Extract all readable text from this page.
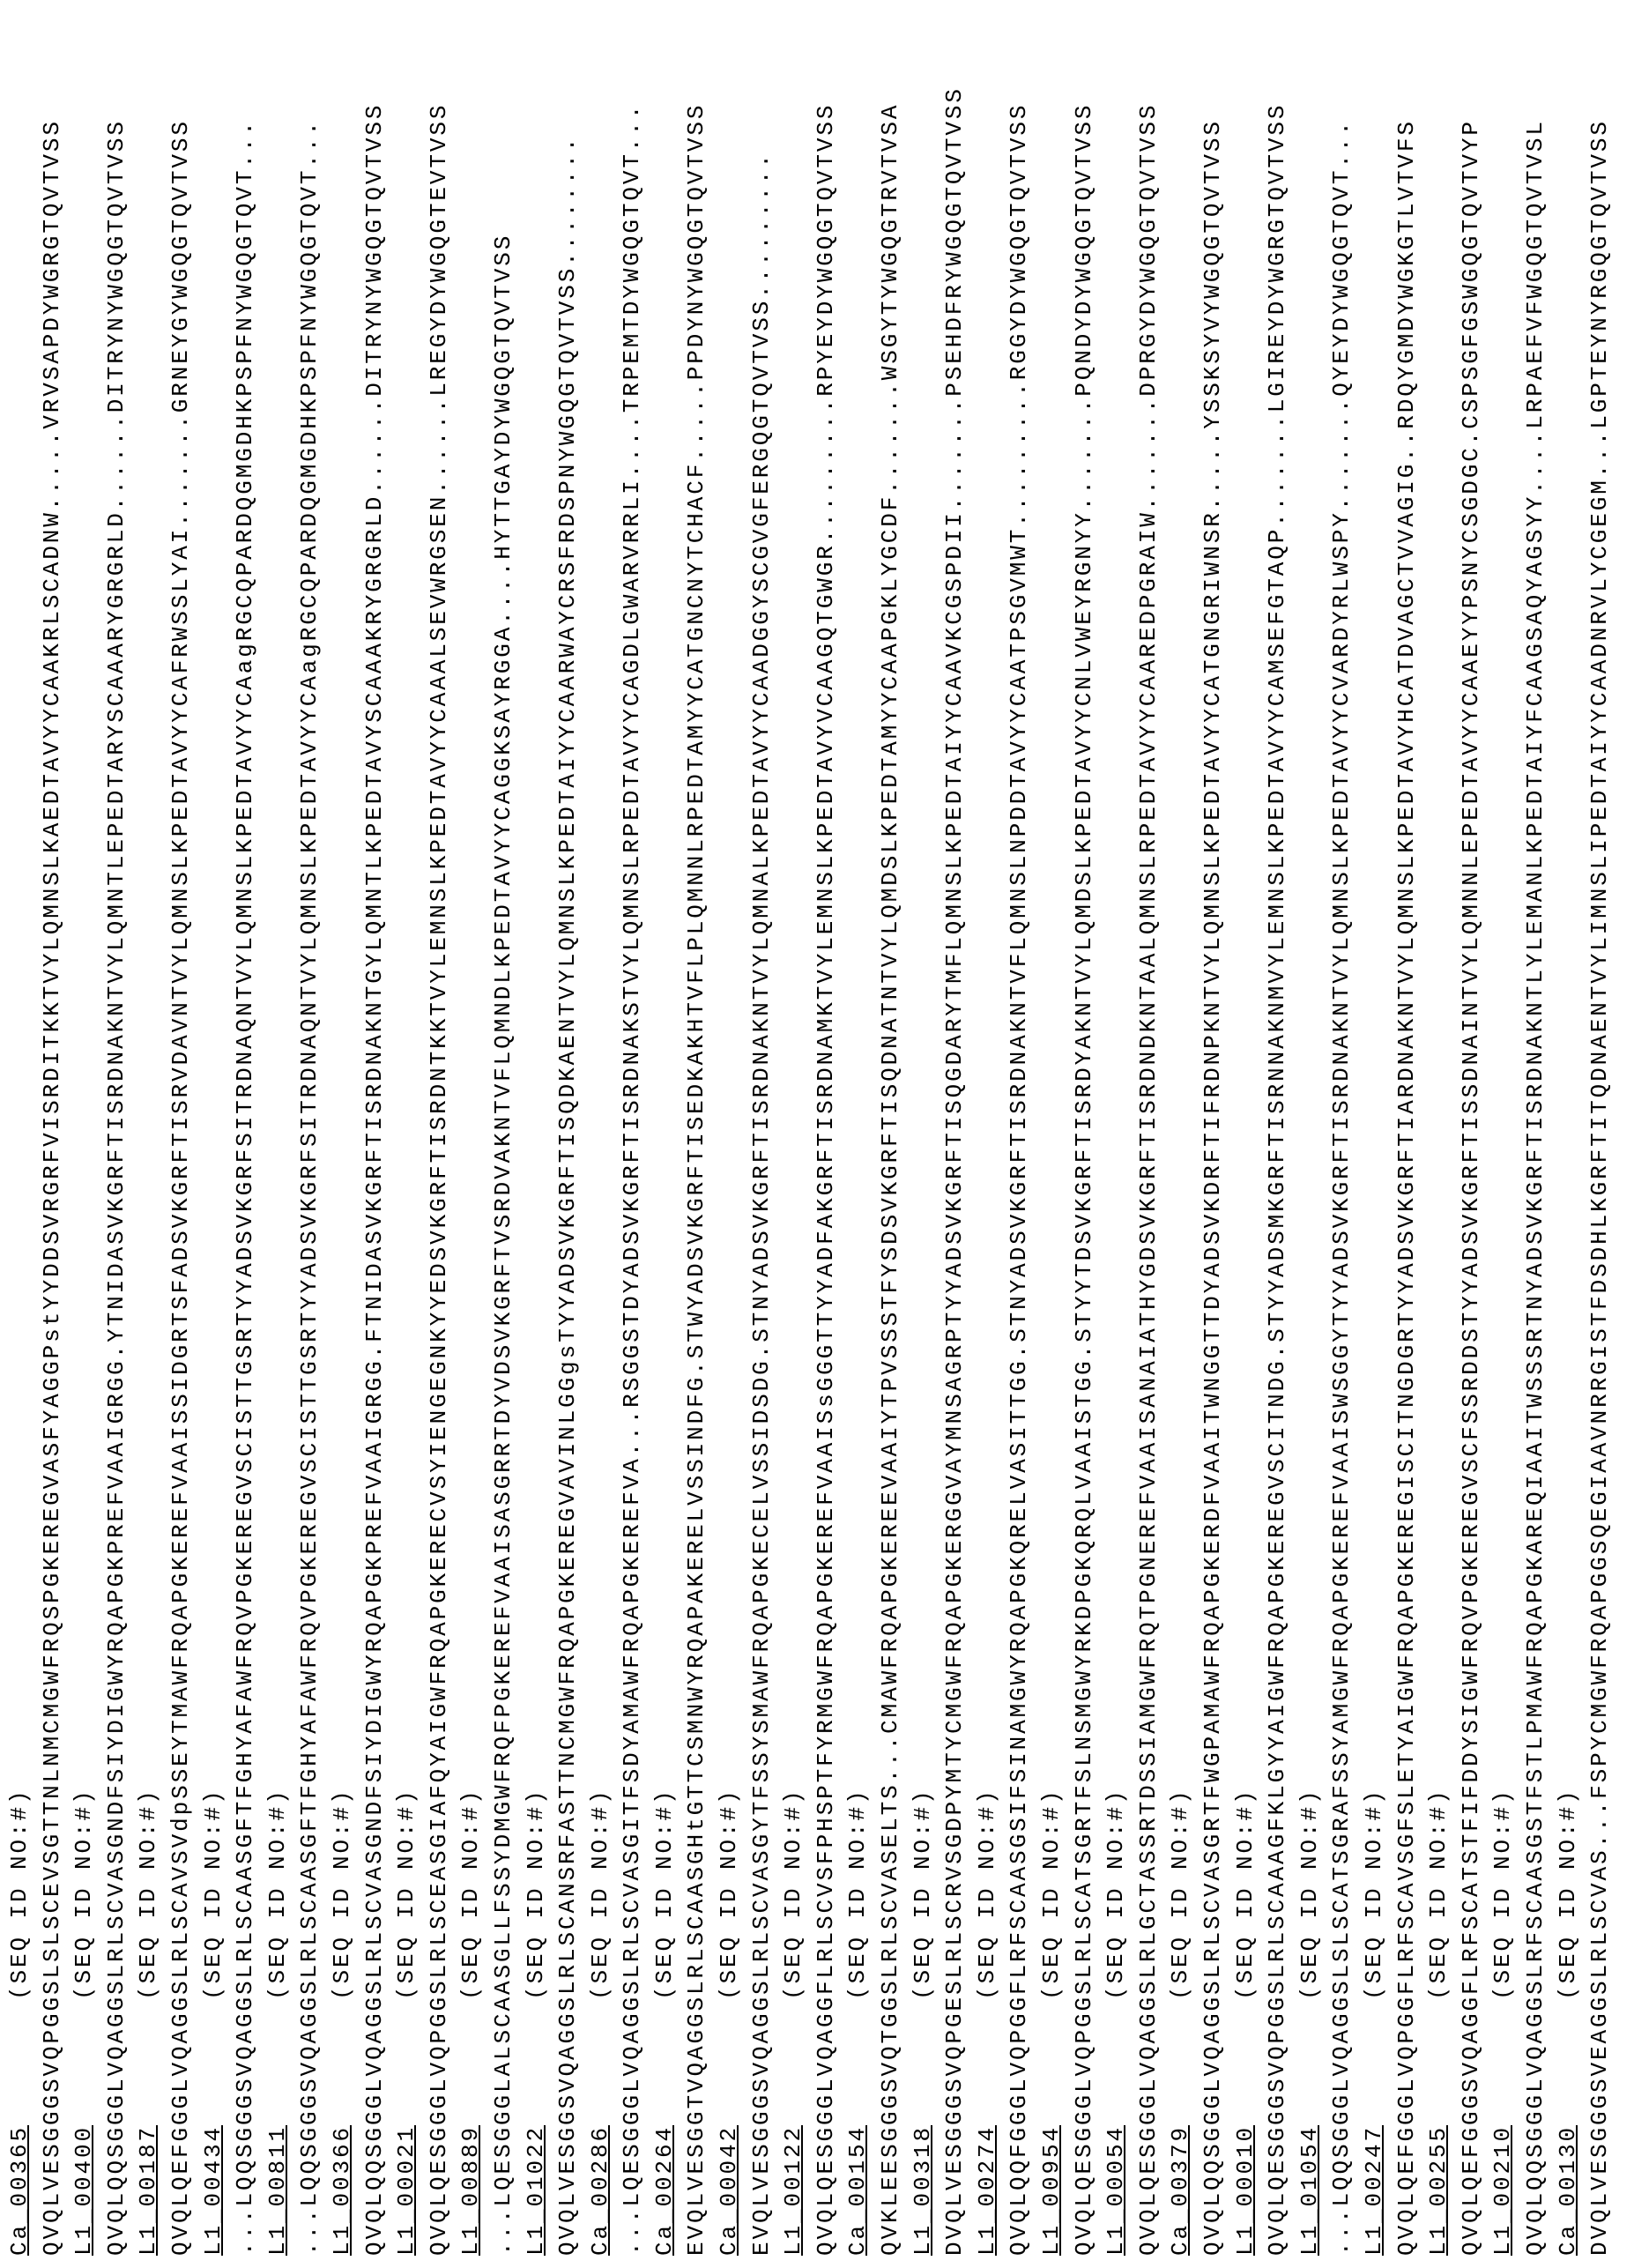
Ca_00365(SEQ ID NO:#) QVQLVESGGGSVQPGGSLSLSCEVSGTTNLNMCMGWFRQSPGKEREGVASFYAGGPstYYDDSVRGRFVISRDITKKTVYLQMNSLKAEDTAVYYCAAKRLSCADNW.....VRVSAPDYWGRGTQVTVSS L1_00400(SEQ ID NO:#) QVQLQQSGGGLVQAGGSLRLSCVASGNDFSIYDIGWYRQAPGKPREFVAAIGRGG.YTNIDASVKGRFTISRDNAKNTVYLQMNTLEPEDTARYSCAAARYGRGRLD......DITRYNYWGQGTQVTVSS L1_00187(SEQ ID NO:#) QVQLQEFGGGLVQAGGSLRLSCAVSVdpSSEYTMAWFRQAPGKEREFVAAISSIDGRTSFADSVKGRFTISRVDAVNTVYLQMNSLKPEDTAVYYCAFRWSSLYAI.......GRNEYGYWGQGTQVTVSS L1_00434(SEQ ID NO:#) ...LQQSGGGSVQAGGSLRLSCAASGFTFGHYAFAWFRQVPGKEREGVSCISTTGSRTYYADSVKGRFSITRDNAQNTVYLQMNSLKPEDTAVYYCAagRGCQPARDQGMGDHKPSPFNYWGQGTQVT... L1_00811(SEQ ID NO:#) ...LQQSGGGSVQAGGSLRLSCAASGFTFGHYAFAWFRQVPGKEREGVSCISTTGSRTYYADSVKGRFSITRDNAQNTVYLQMNSLKPEDTAVYYCAagRGCQPARDQGMGDHKPSPFNYWGQGTQVT... L1_00366(SEQ ID NO:#) QVQLQQSGGGLVQAGGSLRLSCVASGNDFSIYDIGWYRQAPGKPREFVAAIGRGG.FTNIDASVKGRFTISRDNAKNTGYLQMNTLKPEDTAVYSCAAAKRYGRGRLD......DITRYNYWGQGTQVTVSS L1_00021(SEQ ID NO:#) QVQLQESGGGLVQPGGSLRLSCEASGIAFQYAIGWFRQAPGKERECVSYIENGEGNKYYEDSVKGRFTISRDNTKKTVYLEMNSLKPEDTAVYYCAAALSEVWRGSEN......LREGYDYWGQGTEVTVSS L1_00889(SEQ ID NO:#) ...LQESGGGLALSCAASGLLFSSYDMGWFRQFPGKEREFVAAISASGRRTDYVDSVKGRFTVSRDVAKNTVFLQMNDLKPEDTAVYYCAGGKSAYRGGA....HYTTGAYDYWGQGTQVTVSS L1_01022(SEQ ID NO:#) QVQLVESGGSVQAGGSLRLSCANSRFASTTNCMGWFRQAPGKEREGVAVINLGGgsTYYADSVKGRFTISQDKAENTVYLQMNSLKPEDTAIYYCAARWAYCRSFRDSPNYWGQGTQVTVSS........ Ca_00286(SEQ ID NO:#) ...LQESGGGLVQAGGSLRLSCVASGITFSDYAMAWFRQAPGKEREFVA...RSGGSTDYADSVKGRFTISRDNAKSTVYLQMNSLRPEDTAVYYCAGDLGWARVRRLI....TRPEMTDYWGQGTQVT... Ca_00264(SEQ ID NO:#) EVQLVESGGTVQAGGSLRLSCAASGHtGTTCSMNWYRQAPAKERELVSSINDFG.STWYADSVKGRFTISEDKAKHTVFLPLQMNNLRPEDTAMYYCATGNCNYTCHACF.....PPDYNYWGQGTQVTVSS Ca_00042(SEQ ID NO:#) EVQLVESGGGSVQAGGSLRLSCVASGYTFSSYSMAWFRQAPGKECELVSSIDSDG.STNYADSVKGRFTISRDNAKNTVYLQMNALKPEDTAVYYCAADGGYSCGVGFERGQGTQVTVSS......... L1_00122(SEQ ID NO:#) QVQLQESGGGLVQAGGFLRLSCVSFPHSPTFYRMGWFRQAPGKEREFVAAISsGGGTTYYADFAKGRFTISRDNAMKTVYLEMNSLKPEDTAVYVCAAGQTGWGR.........RPYEYDYWGQGTQVTVSS Ca_00154(SEQ ID NO:#) QVKLEESGGGSVQTGGSLRLSCVASELTS...CMAWFRQAPGKEREEVAAIYTPVSSSTFYSDSVKGRFTISQDNATNTVYLQMDSLKPEDTAMYYCAAPGKLYGCDF.......WSGYTYWGQGTRVTVSA L1_00318(SEQ ID NO:#) DVQLVESGGGSVQPGESLRLSCRVSGDPYMTYCMGWFRQAPGKERGGVAYMNSAGRPTYYADSVKGRFTISQGDARYTMFLQMNSLKPEDTAIYYCAAVKCGSPDII.......PSEHDFRYWGQGTQVTVSS L1_00274(SEQ ID NO:#) QVQLQQFGGGLVQPGGFLRFSCAASGSIFSINAMGWYRQAPGKQRELVASITTGG.STNYADSVKGRFTISRDNAKNTVFLQMNSLNPDDTAVYYCAATPSGVMWT.........RGGYDYWGQGTQVTVSS L1_00954(SEQ ID NO:#) QVQLQESGGGLVQPGGSLRLSCATSGRTFSLNSMGWYRKDPGKQRQLVAAISTGG.STYYTDSVKGRFTISRDYAKNTVYLQMDSLKPEDTAVYYCNLVWEYRGNYY.......PQNDYDYWGQGTQVTVSS L1_00054(SEQ ID NO:#) QVQLQESGGGLVQAGGSLRLGCTASSRTDSSIAMGWFRQTPGNEREFVAAISANAIATHYGDSVKGRFTISRDNDKNTAALQMNSLRPEDTAVYYCAAREDPGRAIW.......DPRGYDYWGQGTQVTVSS Ca_00379(SEQ ID NO:#) QVQLQQSGGGLVQAGGSLRLSCVASGRTFWGPAMAWFRQAPGKERDFVAAITWNGGTTDYADSVKDRFTIFRDNPKNTVYLQMNSLKPEDTAVYYCATGNGRIWNSR.....YSSKSYVYWGQGTQVTVSS L1_00010(SEQ ID NO:#) QVQLQESGGGSVQPGGSLRLSCAAAGFKLGYYAIGWFRQAPGKEREGVSCITNDG.STYYADSMKGRFTISRNNAKNMVYLEMNSLKPEDTAVYYCAMSEFGTAQP.......LGIREYDYWGRGTQVTVSS L1_01054(SEQ ID NO:#) ...LQQSGGGLVQAGGSLSLSCATSGRAFSSYAMGWFRQAPGKEREFVAAISWSGGYTYYADSVKGRFTISRDNAKNTVYLQMNSLKPEDTAVYYCVARDYRLWSPY.......QYEYDYWGQGTQVT... L1_00247(SEQ ID NO:#) QVQLQEFGGGLVQPGGFLRFSCAVSGFSLETYAIGWFRQAPGKEREGISCITNGDGRTYYADSVKGRFTIARDNAKNTVYLQMNSLKPEDTAVYHCATDVAGCTVVAGIG..RDQYGMDYWGKGTLVTVFS L1_00255(SEQ ID NO:#) QVQLQEFGGGSVQAGGFLRFSCATSTFIFDDYSIGWFRQVPGKEREGVSCFSSRDDSTYYADSVKGRFTISSDNAINTVYLQMNNLEPEDTAVYYCAAEYYPSNYCSGDGC.CSPSGFGSWGQGTQVTVYP L1_00210(SEQ ID NO:#) QVQLQQSGGGLVQAGGSLRFSCAASGSTFSTLPMAWFRQAPGKAREQIAAITWSSSRTNYADSVKGRFTISRDNAKNTLYLEMANLKPEDTAIYFCAAGSAQYAGSYY....LRPAEFVFWGQGTQVTVSL Ca_00130(SEQ ID NO:#) DVQLVESGGGSVEAGGSLRLSCVAS...FSPYCMGWFRQAPGGSQEGIAAVNRRGISTFDSDHLKGRFTITQDNAENTVYLIMNSLIPEDTAIYYCAADNRVLYCGEGM...LGPTEYNYRGQGTQVTVSS
